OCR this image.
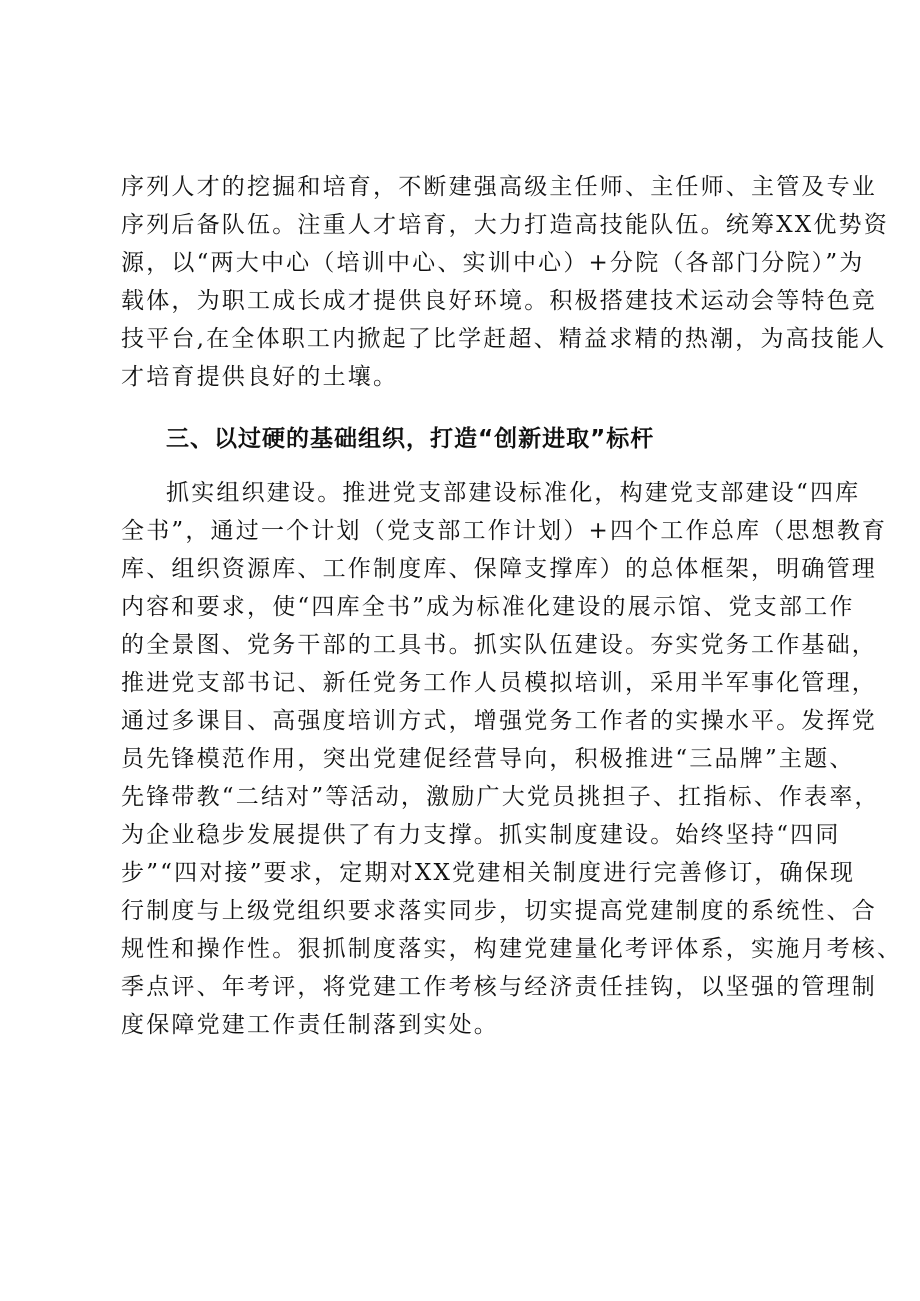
序列人才的挖掘和培育，不断建强高级主任师、主任师、主管及专业

序列后备队伍。注重人才培育，大力打造高技能队伍。统筹XX优势资

源，以“两大中心（培训中心、实训中心）+分院（各部门分院）”为

载体，为职工成长成才提供良好环境。积极搭建技术运动会等特色竞

技平台,在全体职工内掀起了比学赶超、精益求精的热潮，为高技能人

才培育提供良好的土壤。

三、以过硬的基础组织，打造“创新进取”标杆

抓实组织建设。推进党支部建设标准化，构建党支部建设“四库

全书”，通过一个计划（党支部工作计划）+四个工作总库（思想教育

库、组织资源库、工作制度库、保障支撑库）的总体框架，明确管理

内容和要求，使“四库全书”成为标准化建设的展示馆、党支部工作

的全景图、党务干部的工具书。抓实队伍建设。夯实党务工作基础，

推进党支部书记、新任党务工作人员模拟培训，采用半军事化管理，

通过多课目、高强度培训方式，增强党务工作者的实操水平。发挥党

员先锋模范作用，突出党建促经营导向，积极推进“三品牌”主题、

先锋带教“二结对”等活动，激励广大党员挑担子、扛指标、作表率，

为企业稳步发展提供了有力支撑。抓实制度建设。始终坚持“四同

步”“四对接”要求，定期对XX党建相关制度进行完善修订，确保现

行制度与上级党组织要求落实同步，切实提高党建制度的系统性、合

规性和操作性。狠抓制度落实，构建党建量化考评体系，实施月考核、

季点评、年考评，将党建工作考核与经济责任挂钩，以坚强的管理制

度保障党建工作责任制落到实处。
